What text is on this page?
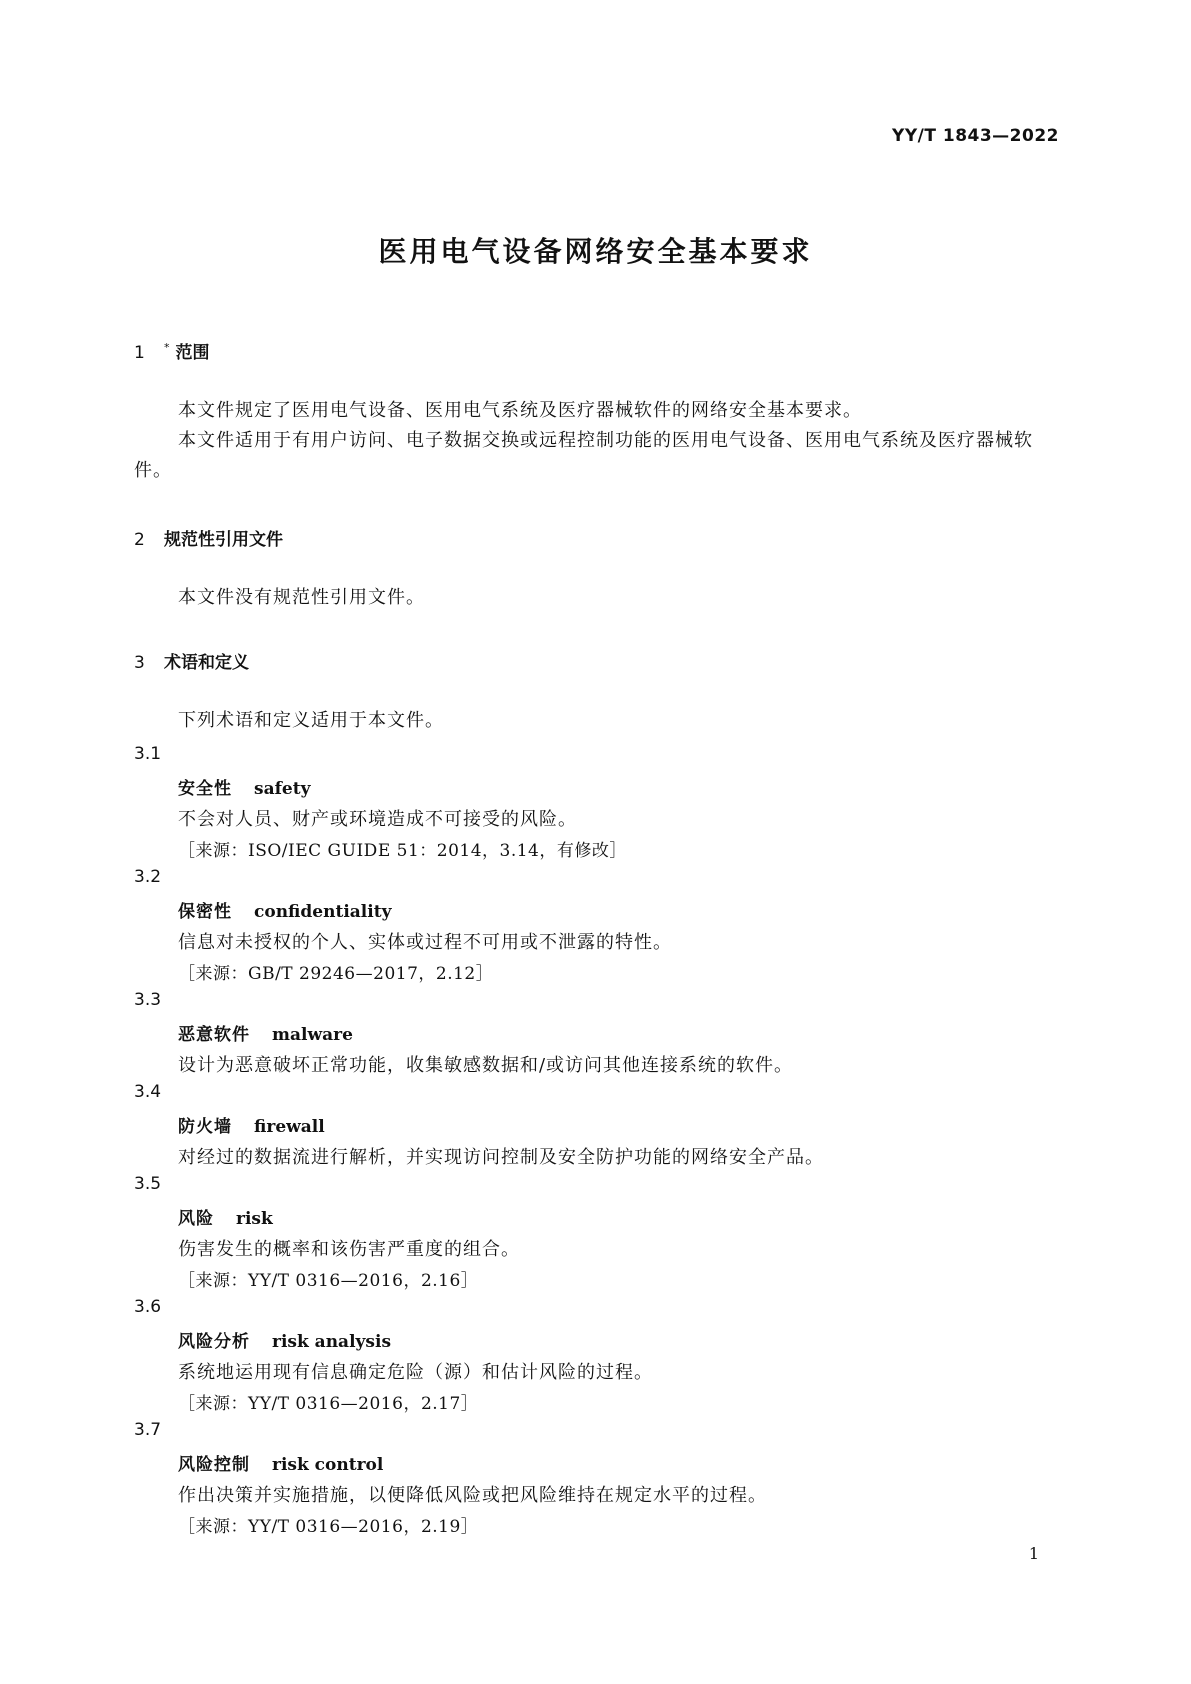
YY/T 1843—2022
医用电气设备网络安全基本要求
1 * 范围
本文件规定了医用电气设备、医用电气系统及医疗器械软件的网络安全基本要求。
本文件适用于有用户访问、电子数据交换或远程控制功能的医用电气设备、医用电气系统及医疗器械软件。
2 规范性引用文件
本文件没有规范性引用文件。
3 术语和定义
下列术语和定义适用于本文件。
3.1
安全性 safety
不会对人员、财产或环境造成不可接受的风险。
［来源：ISO/IEC GUIDE 51：2014，3.14，有修改］
3.2
保密性 confidentiality
信息对未授权的个人、实体或过程不可用或不泄露的特性。
［来源：GB/T 29246—2017，2.12］
3.3
恶意软件 malware
设计为恶意破坏正常功能，收集敏感数据和/或访问其他连接系统的软件。
3.4
防火墙 firewall
对经过的数据流进行解析，并实现访问控制及安全防护功能的网络安全产品。
3.5
风险 risk
伤害发生的概率和该伤害严重度的组合。
［来源：YY/T 0316—2016，2.16］
3.6
风险分析 risk analysis
系统地运用现有信息确定危险（源）和估计风险的过程。
［来源：YY/T 0316—2016，2.17］
3.7
风险控制 risk control
作出决策并实施措施，以便降低风险或把风险维持在规定水平的过程。
［来源：YY/T 0316—2016，2.19］
1
